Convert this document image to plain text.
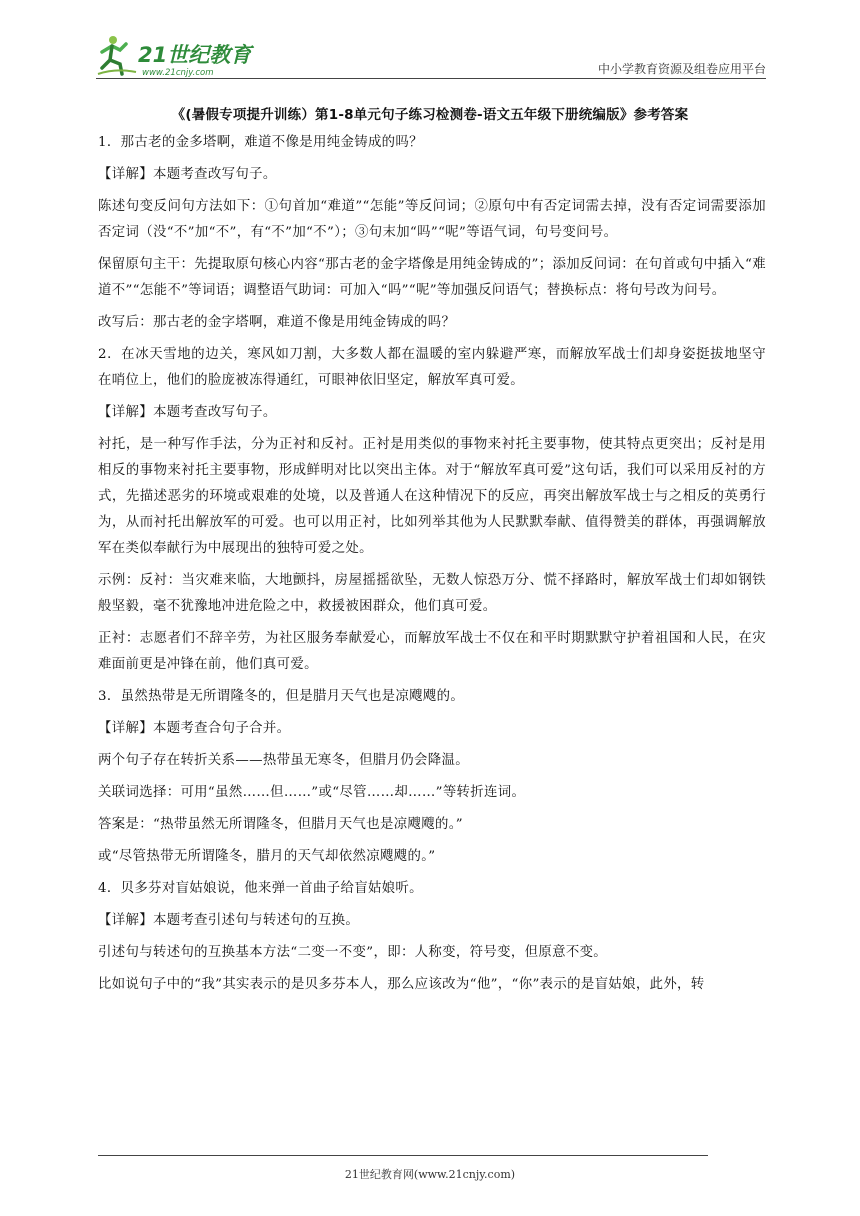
21世纪教育
www.21cnjy.com	中小学教育资源及组卷应用平台
《(暑假专项提升训练）第1-8单元句子练习检测卷-语文五年级下册统编版》参考答案

1．那古老的金多塔啊，难道不像是用纯金铸成的吗？

【详解】本题考查改写句子。

陈述句变反问句方法如下：①句首加“难道”“怎能”等反问词；②原句中有否定词需去掉，没有否定词需要添加否定词（没“不”加“不”，有“不”加“不”）；③句末加“吗”“呢”等语气词，句号变问号。

保留原句主干：先提取原句核心内容“那古老的金字塔像是用纯金铸成的”；添加反问词：在句首或句中插入“难道不”“怎能不”等词语；调整语气助词：可加入“吗”“呢”等加强反问语气；替换标点：将句号改为问号。

改写后：那古老的金字塔啊，难道不像是用纯金铸成的吗？

2．在冰天雪地的边关，寒风如刀割，大多数人都在温暖的室内躲避严寒，而解放军战士们却身姿挺拔地坚守在哨位上，他们的脸庞被冻得通红，可眼神依旧坚定，解放军真可爱。

【详解】本题考查改写句子。

衬托，是一种写作手法，分为正衬和反衬。正衬是用类似的事物来衬托主要事物，使其特点更突出；反衬是用相反的事物来衬托主要事物，形成鲜明对比以突出主体。对于“解放军真可爱”这句话，我们可以采用反衬的方式，先描述恶劣的环境或艰难的处境，以及普通人在这种情况下的反应，再突出解放军战士与之相反的英勇行为，从而衬托出解放军的可爱。也可以用正衬，比如列举其他为人民默默奉献、值得赞美的群体，再强调解放军在类似奉献行为中展现出的独特可爱之处。

示例：反衬：当灾难来临，大地颤抖，房屋摇摇欲坠，无数人惊恐万分、慌不择路时，解放军战士们却如钢铁般坚毅，毫不犹豫地冲进危险之中，救援被困群众，他们真可爱。

正衬：志愿者们不辞辛劳，为社区服务奉献爱心，而解放军战士不仅在和平时期默默守护着祖国和人民，在灾难面前更是冲锋在前，他们真可爱。

3．虽然热带是无所谓隆冬的，但是腊月天气也是凉飕飕的。

【详解】本题考查合句子合并。

两个句子存在转折关系——热带虽无寒冬，但腊月仍会降温。

关联词选择：可用“虽然……但……”或“尽管……却……”等转折连词。

答案是：“热带虽然无所谓隆冬，但腊月天气也是凉飕飕的。”

或“尽管热带无所谓隆冬，腊月的天气却依然凉飕飕的。”

4．贝多芬对盲姑娘说，他来弹一首曲子给盲姑娘听。

【详解】本题考查引述句与转述句的互换。

引述句与转述句的互换基本方法“二变一不变”，即：人称变，符号变，但原意不变。

比如说句子中的“我”其实表示的是贝多芬本人，那么应该改为“他”，“你”表示的是盲姑娘，此外，转

21世纪教育网(www.21cnjy.com)
